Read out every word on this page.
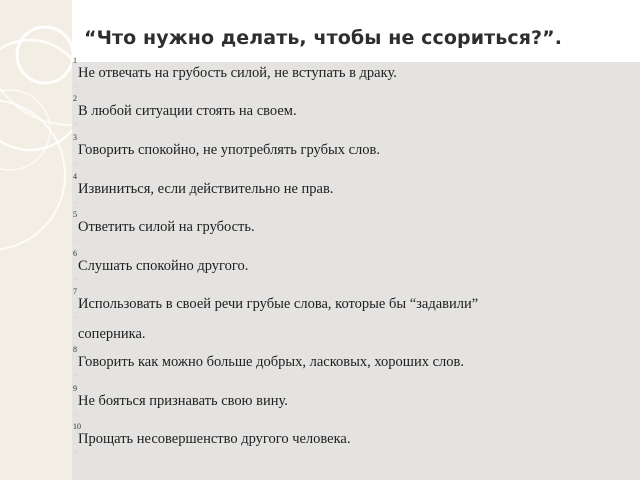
“Что нужно делать, чтобы не ссориться?”.
1
Не отвечать на грубость силой, не вступать в драку.
·
2
В любой ситуации стоять на своем.
·
3
Говорить спокойно, не употреблять грубых слов.
·
4
Извиниться, если действительно не прав.
·
5
Ответить силой на грубость.
·
6
Слушать спокойно другого.
·
7
Использовать в своей речи грубые слова, которые бы “задавили”
соперника.
·
8
Говорить как можно больше добрых, ласковых, хороших слов.
·
9
Не бояться признавать свою вину.
·
10
Прощать несовершенство другого человека.
·
